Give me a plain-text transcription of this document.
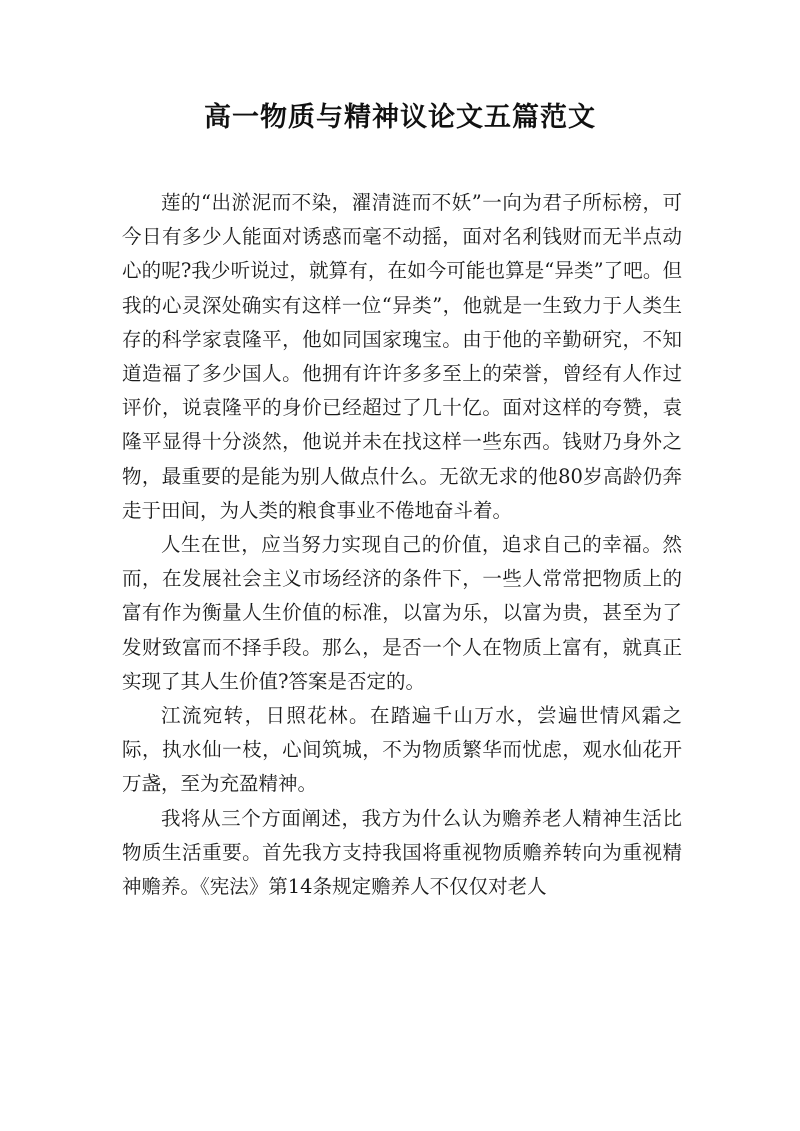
高一物质与精神议论文五篇范文

莲的“出淤泥而不染，濯清涟而不妖”一向为君子所标榜，可今日有多少人能面对诱惑而毫不动摇，面对名利钱财而无半点动心的呢?我少听说过，就算有，在如今可能也算是“异类”了吧。但我的心灵深处确实有这样一位“异类”，他就是一生致力于人类生存的科学家袁隆平，他如同国家瑰宝。由于他的辛勤研究，不知道造福了多少国人。他拥有许许多多至上的荣誉，曾经有人作过评价，说袁隆平的身价已经超过了几十亿。面对这样的夸赞，袁隆平显得十分淡然，他说并未在找这样一些东西。钱财乃身外之物，最重要的是能为别人做点什么。无欲无求的他80岁高龄仍奔走于田间，为人类的粮食事业不倦地奋斗着。

人生在世，应当努力实现自己的价值，追求自己的幸福。然而，在发展社会主义市场经济的条件下，一些人常常把物质上的富有作为衡量人生价值的标准，以富为乐，以富为贵，甚至为了发财致富而不择手段。那么，是否一个人在物质上富有，就真正实现了其人生价值?答案是否定的。

江流宛转，日照花林。在踏遍千山万水，尝遍世情风霜之际，执水仙一枝，心间筑城，不为物质繁华而忧虑，观水仙花开万盏，至为充盈精神。

我将从三个方面阐述，我方为什么认为赡养老人精神生活比物质生活重要。首先我方支持我国将重视物质赡养转向为重视精神赡养。《宪法》第14条规定赡养人不仅仅对老人
